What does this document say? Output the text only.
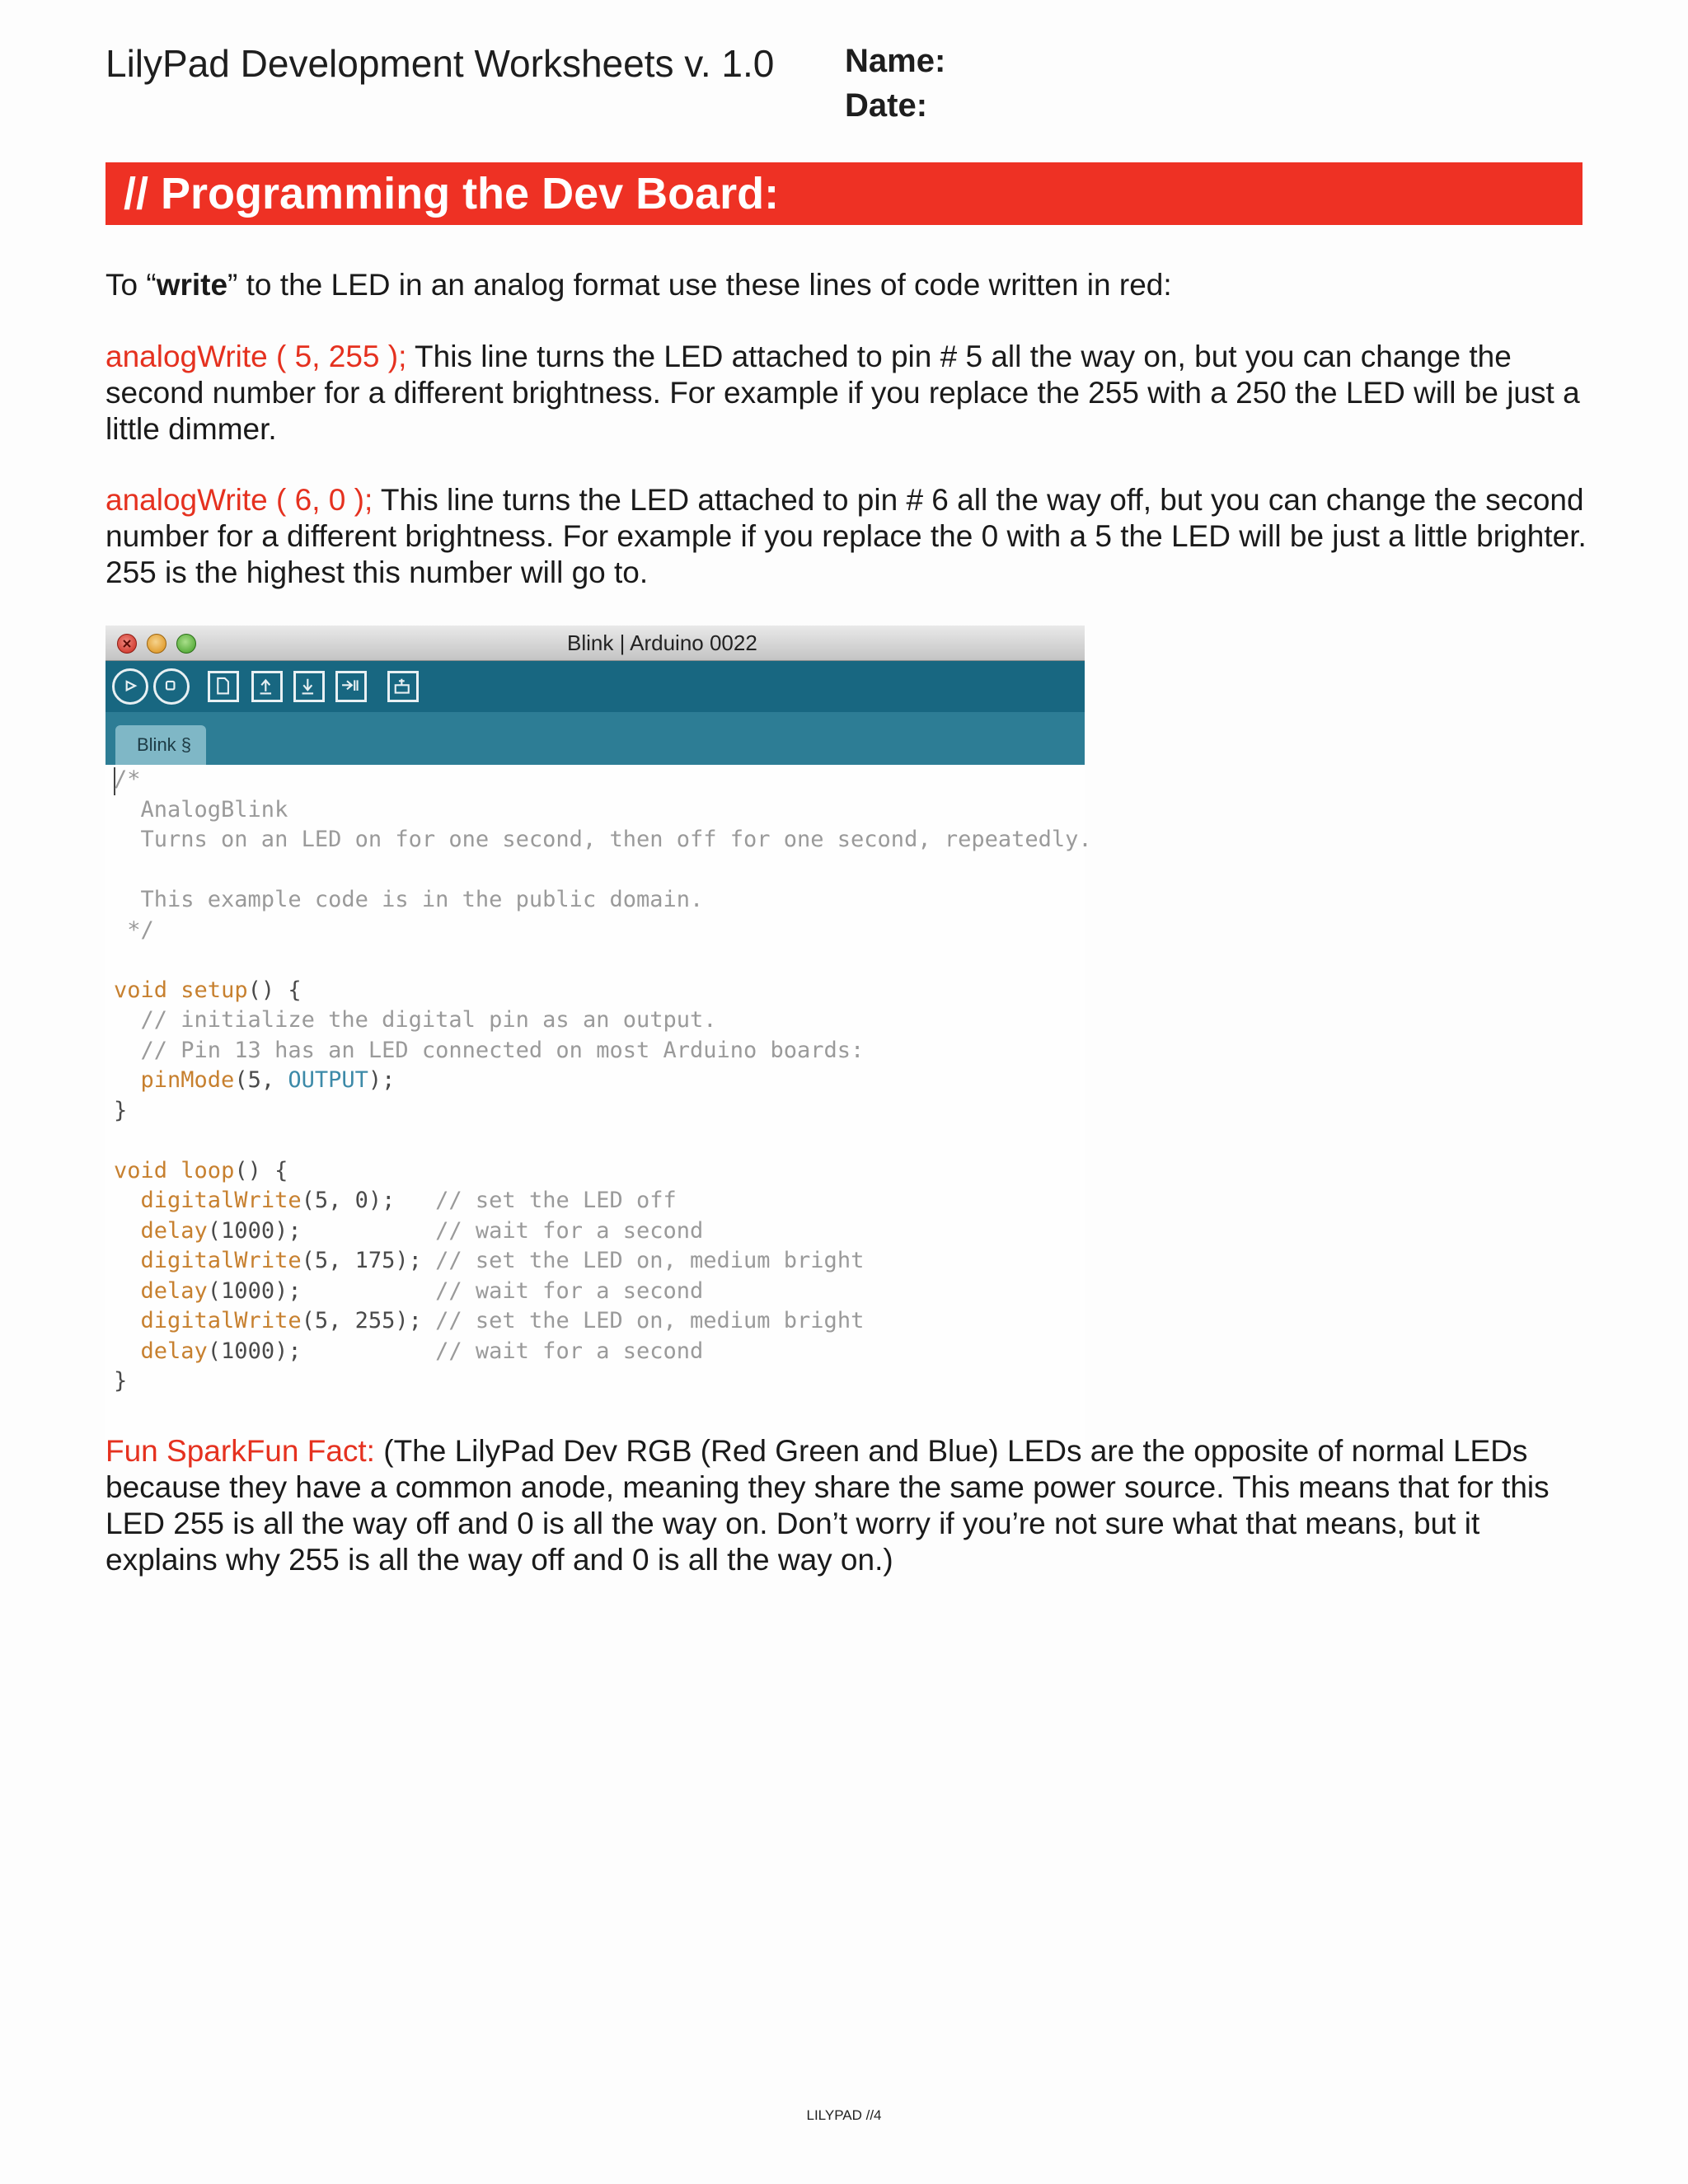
LilyPad Development Worksheets v. 1.0 Name:
Date:
// Programming the Dev Board:

To “write” to the LED in an analog format use these lines of code written in red:

analogWrite ( 5, 255 ); This line turns the LED attached to pin # 5 all the way on, but you can change the second number for a different brightness. For example if you replace the 255 with a 250 the LED will be just a little dimmer.

analogWrite ( 6, 0 ); This line turns the LED attached to pin # 6 all the way off, but you can change the second number for a different brightness. For example if you replace the 0 with a 5 the LED will be just a little brighter. 255 is the highest this number will go to.

Blink | Arduino 0022
Blink §
/*
AnalogBlink
Turns on an LED on for one second, then off for one second, repeatedly.

This example code is in the public domain.
*/

void setup() {
// initialize the digital pin as an output.
// Pin 13 has an LED connected on most Arduino boards:
pinMode(5, OUTPUT);
}

void loop() {
digitalWrite(5, 0);   // set the LED off
delay(1000);          // wait for a second
digitalWrite(5, 175); // set the LED on, medium bright
delay(1000);          // wait for a second
digitalWrite(5, 255); // set the LED on, medium bright
delay(1000);          // wait for a second
}

Fun SparkFun Fact: (The LilyPad Dev RGB (Red Green and Blue) LEDs are the opposite of normal LEDs because they have a common anode, meaning they share the same power source. This means that for this LED 255 is all the way off and 0 is all the way on. Don’t worry if you’re not sure what that means, but it explains why 255 is all the way off and 0 is all the way on.)

LILYPAD //4
